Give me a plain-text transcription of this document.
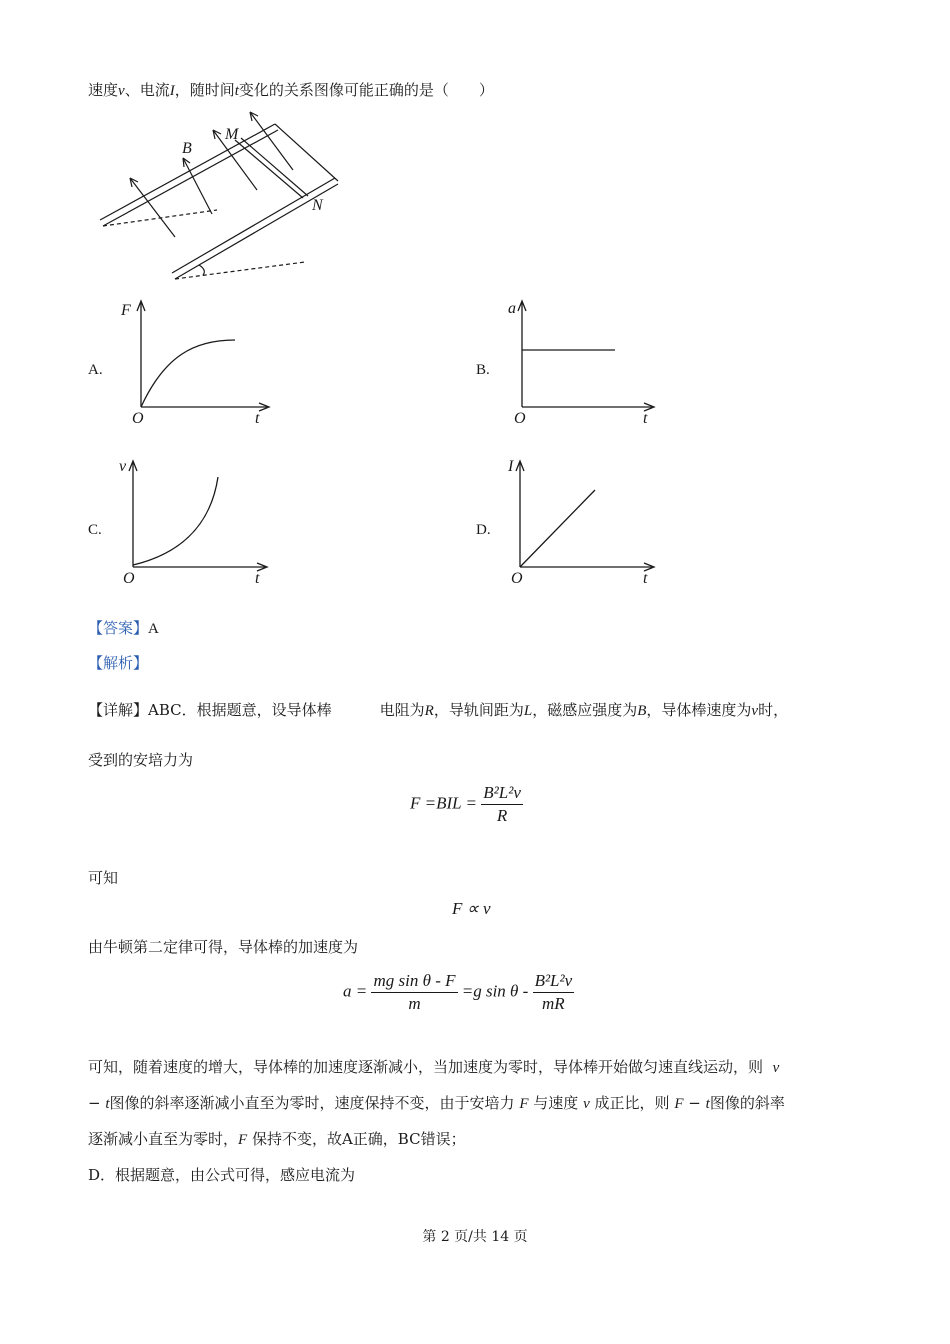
速度v、电流I，随时间t变化的关系图像可能正确的是（　　）
B
M
N
A.
F
O	t
B.
a
O	t
C.
v
O	t
D.
I
O	t
【答案】A
【解析】
【详解】ABC．根据题意，设导体棒	电阻为R，导轨间距为L，磁感应强度为B，导体棒速度为v时，
受到的安培力为
$F =BIL = \frac{\text{B²L²v}}{R}$
可知
F ∝ v
由牛顿第二定律可得，导体棒的加速度为
$a = \frac{\text{mg sin θ - F}}{m} =g$ sin θ - $\frac{\text{B²L²v}}{mR}$
可知，随着速度的增大，导体棒的加速度逐渐减小，当加速度为零时，导体棒开始做匀速直线运动，则 v
− t图像的斜率逐渐减小直至为零时，速度保持不变，由于安培力 F 与速度 v 成正比，则 F − t图像的斜率
逐渐减小直至为零时，F 保持不变，故A正确，BC错误；
D．根据题意，由公式可得，感应电流为
第 2 页/共 14 页
